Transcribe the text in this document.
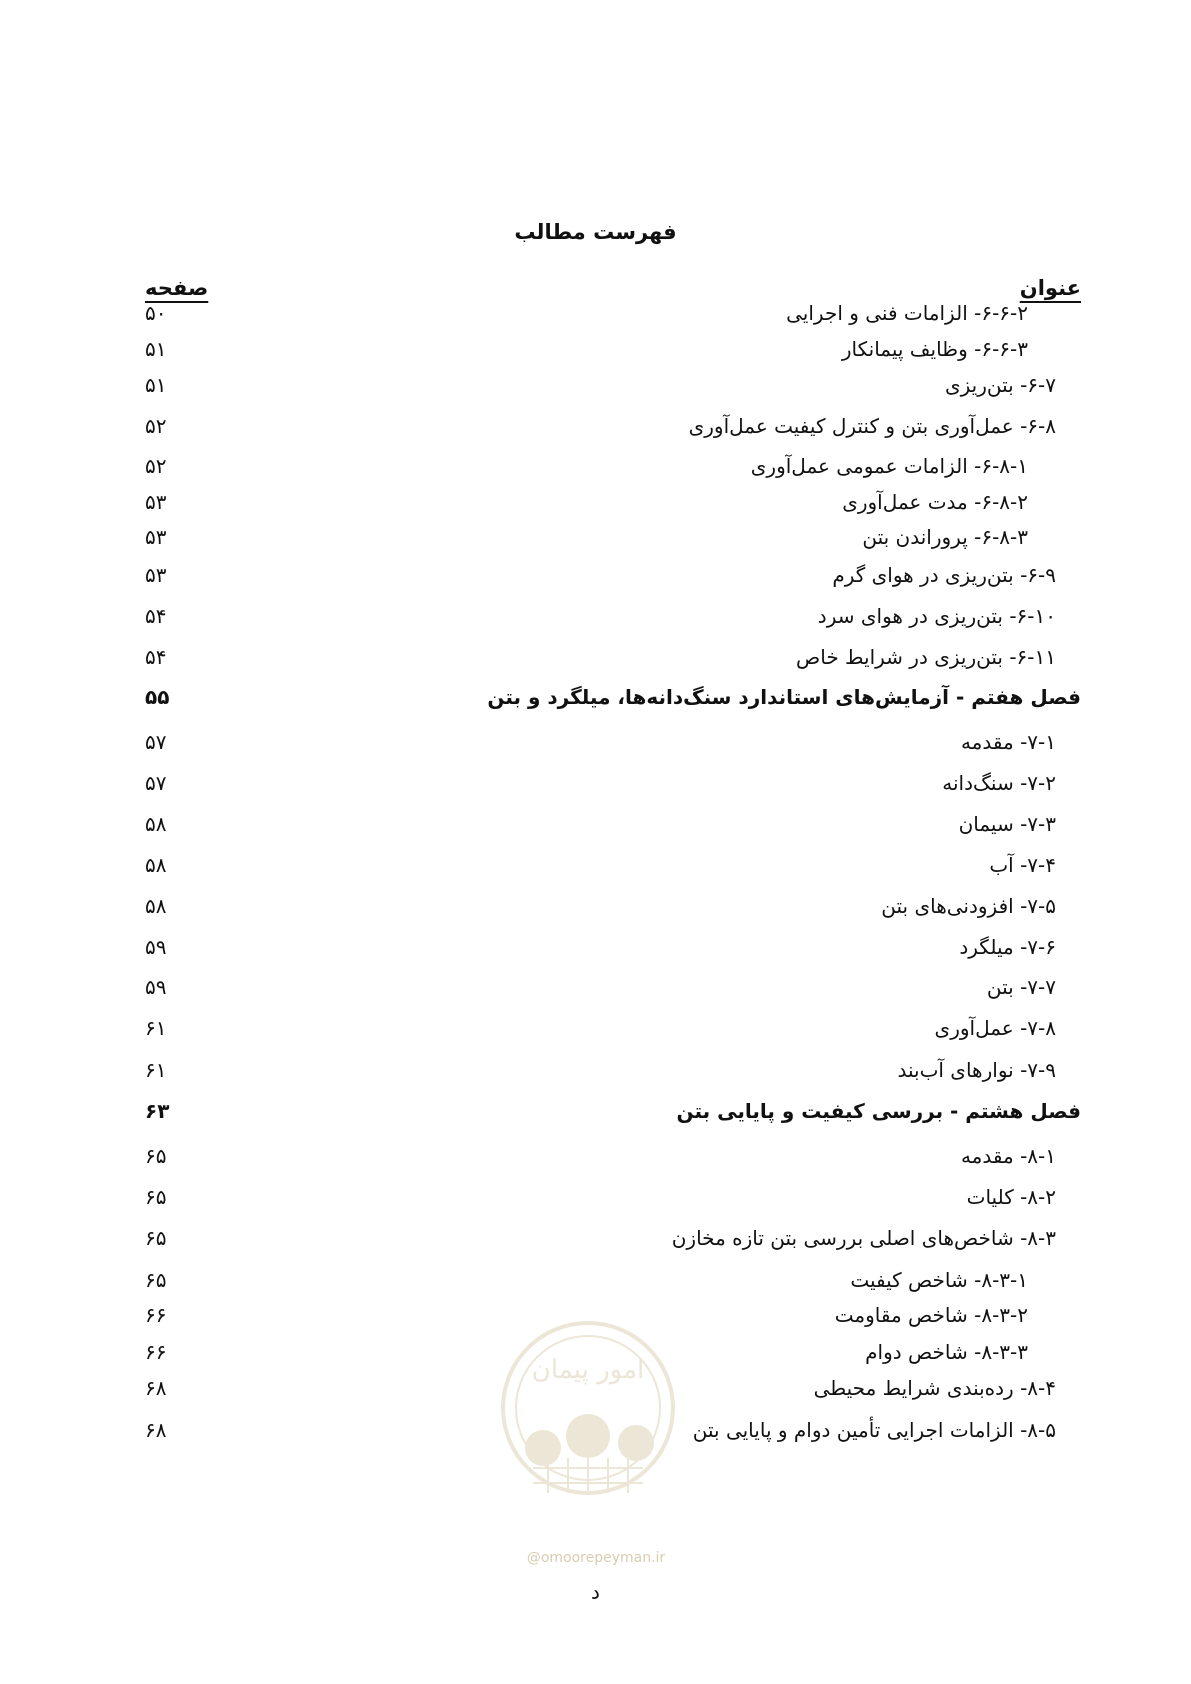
فهرست مطالب
عنوان
صفحه
۶-۶-۲- الزامات فنی و اجرایی
۵۰
۶-۶-۳- وظایف پیمانکار
۵۱
۶-۷- بتن‌ریزی
۵۱
۶-۸- عمل‌آوری بتن و کنترل کیفیت عمل‌آوری
۵۲
۶-۸-۱- الزامات عمومی عمل‌آوری
۵۲
۶-۸-۲- مدت عمل‌آوری
۵۳
۶-۸-۳- پروراندن بتن
۵۳
۶-۹- بتن‌ریزی در هوای گرم
۵۳
۶-۱۰- بتن‌ریزی در هوای سرد
۵۴
۶-۱۱- بتن‌ریزی در شرایط خاص
۵۴
فصل هفتم - آزمایش‌های استاندارد سنگ‌دانه‌ها، میلگرد و بتن
۵۵
۷-۱- مقدمه
۵۷
۷-۲- سنگ‌دانه
۵۷
۷-۳- سیمان
۵۸
۷-۴- آب
۵۸
۷-۵- افزودنی‌های بتن
۵۸
۷-۶- میلگرد
۵۹
۷-۷- بتن
۵۹
۷-۸- عمل‌آوری
۶۱
۷-۹- نوارهای آب‌بند
۶۱
فصل هشتم - بررسی کیفیت و پایایی بتن
۶۳
۸-۱- مقدمه
۶۵
۸-۲- کلیات
۶۵
۸-۳- شاخص‌های اصلی بررسی بتن تازه مخازن
۶۵
۸-۳-۱- شاخص کیفیت
۶۵
۸-۳-۲- شاخص مقاومت
۶۶
۸-۳-۳- شاخص دوام
۶۶
۸-۴- رده‌بندی شرایط محیطی
۶۸
۸-۵- الزامات اجرایی تأمین دوام و پایایی بتن
۶۸
امور پیمان
@omoorepeyman.ir
د
